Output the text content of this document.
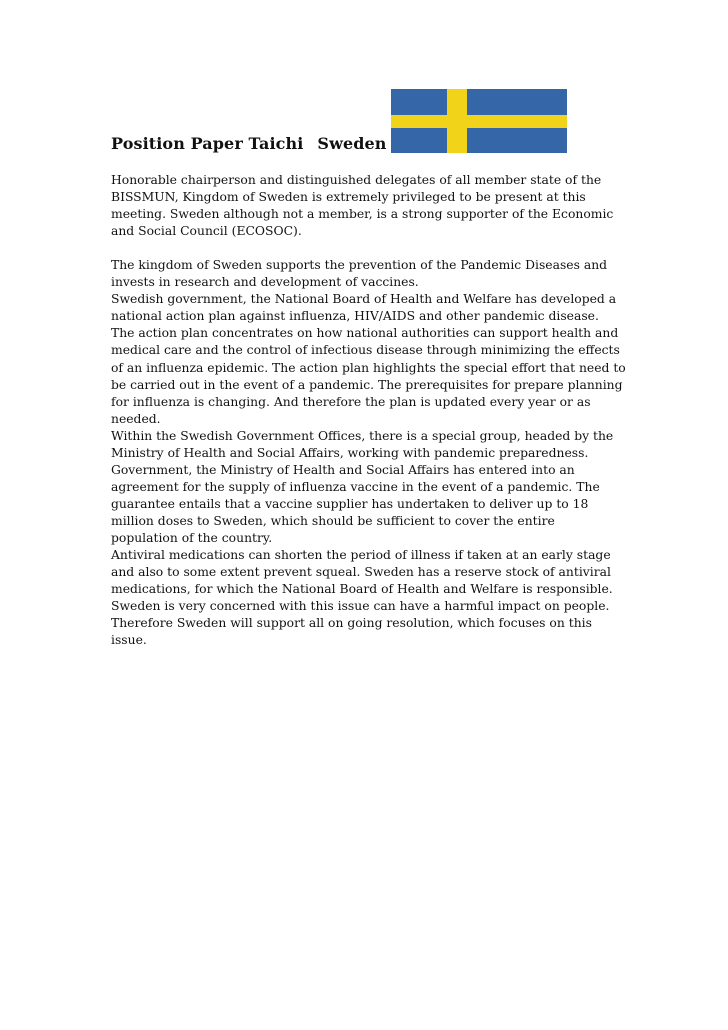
Position Paper Taichi Sweden
Honorable chairperson and distinguished delegates of all member state of the
BISSMUN, Kingdom of Sweden is extremely privileged to be present at this
meeting. Sweden although not a member, is a strong supporter of the Economic
and Social Council (ECOSOC).
The kingdom of Sweden supports the prevention of the Pandemic Diseases and
invests in research and development of vaccines.
Swedish government, the National Board of Health and Welfare has developed a
national action plan against influenza, HIV/AIDS and other pandemic disease.
The action plan concentrates on how national authorities can support health and
medical care and the control of infectious disease through minimizing the effects
of an influenza epidemic. The action plan highlights the special effort that need to
be carried out in the event of a pandemic. The prerequisites for prepare planning
for influenza is changing. And therefore the plan is updated every year or as
needed.
Within the Swedish Government Offices, there is a special group, headed by the
Ministry of Health and Social Affairs, working with pandemic preparedness.
Government, the Ministry of Health and Social Affairs has entered into an
agreement for the supply of influenza vaccine in the event of a pandemic. The
guarantee entails that a vaccine supplier has undertaken to deliver up to 18
million doses to Sweden, which should be sufficient to cover the entire
population of the country.
Antiviral medications can shorten the period of illness if taken at an early stage
and also to some extent prevent squeal. Sweden has a reserve stock of antiviral
medications, for which the National Board of Health and Welfare is responsible.
Sweden is very concerned with this issue can have a harmful impact on people.
Therefore Sweden will support all on going resolution, which focuses on this
issue.
